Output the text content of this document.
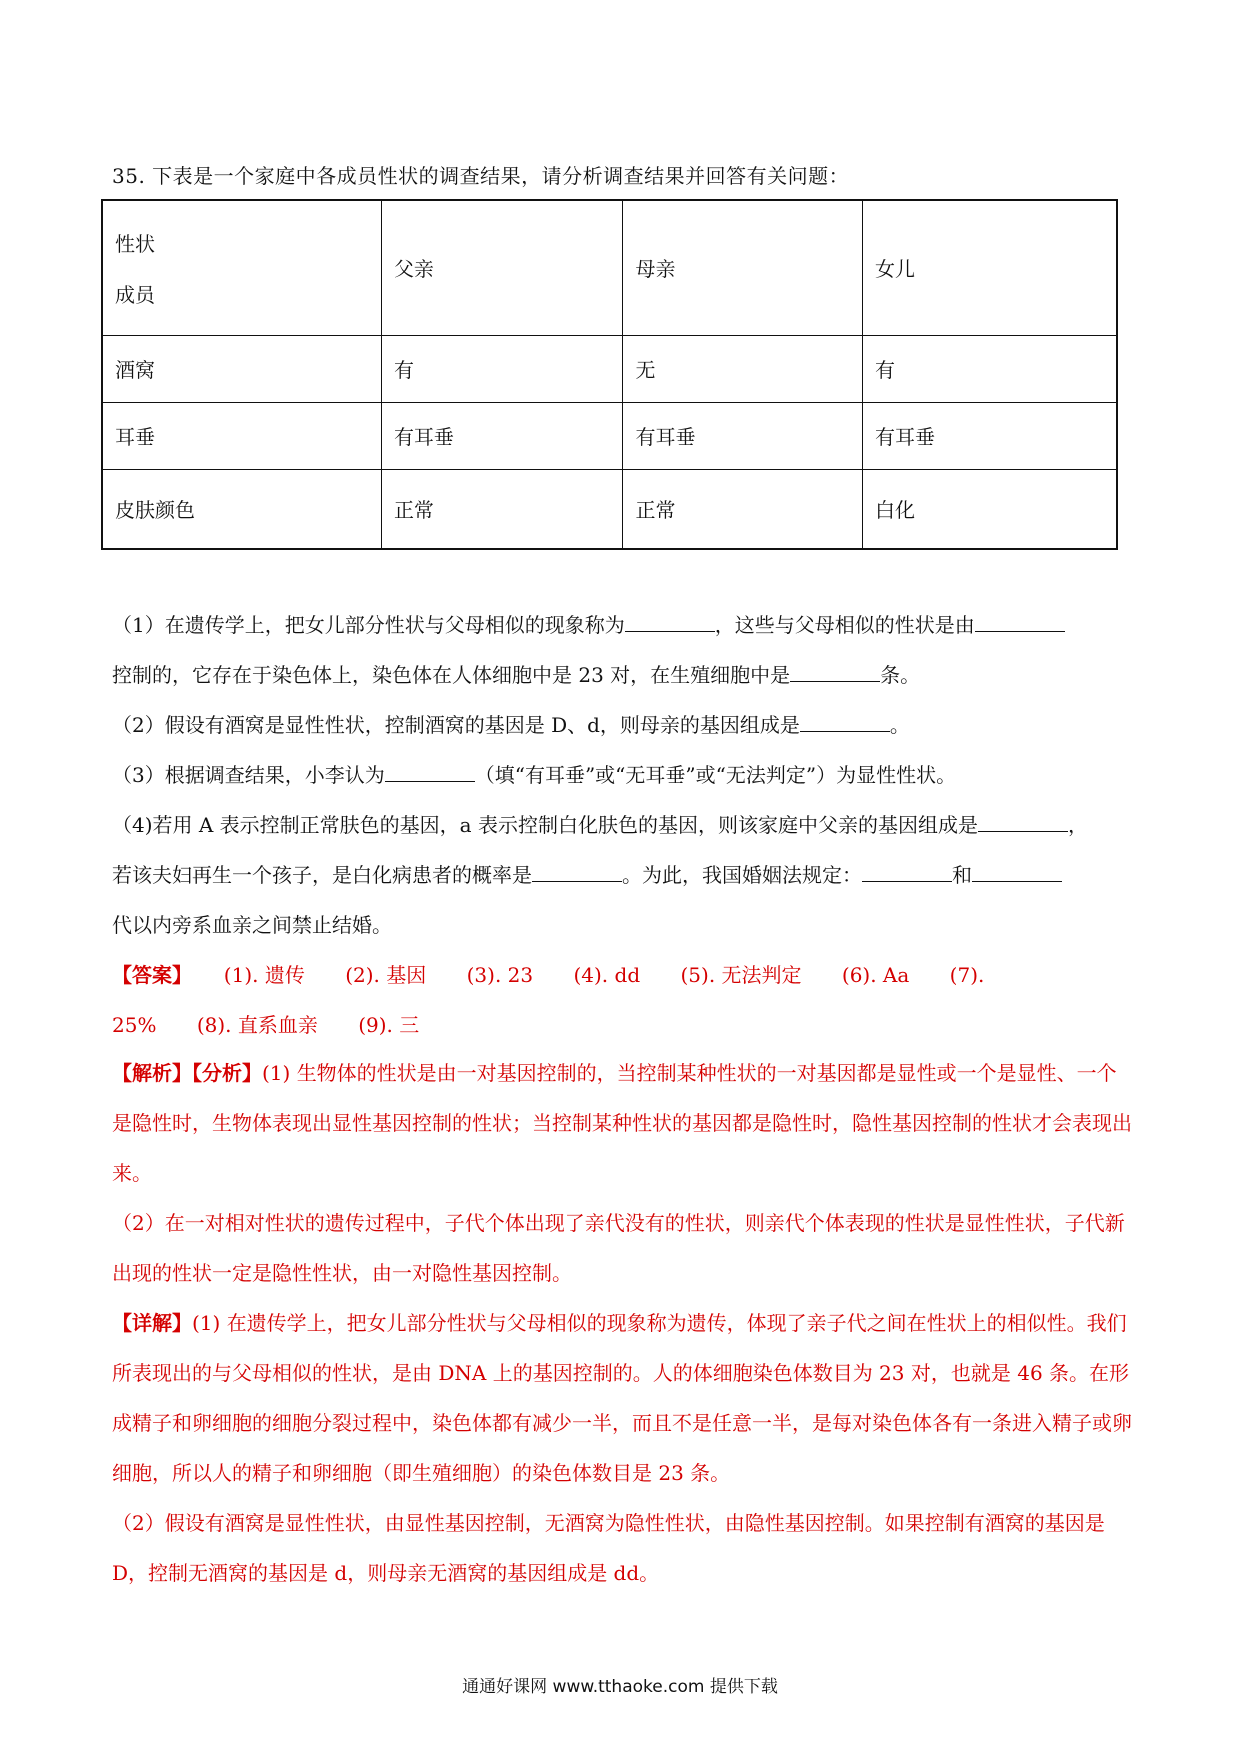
35. 下表是一个家庭中各成员性状的调查结果，请分析调查结果并回答有关问题：
性状
成员	父亲	母亲	女儿
酒窝	有	无	有
耳垂	有耳垂	有耳垂	有耳垂
皮肤颜色	正常	正常	白化
（1）在遗传学上，把女儿部分性状与父母相似的现象称为	，这些与父母相似的性状是由
控制的，它存在于染色体上，染色体在人体细胞中是 23 对，在生殖细胞中是	条。
（2）假设有酒窝是显性性状，控制酒窝的基因是 D、d，则母亲的基因组成是	。
（3）根据调查结果，小李认为	（填“有耳垂”或“无耳垂”或“无法判定”）为显性性状。
（4)若用 A 表示控制正常肤色的基因，a 表示控制白化肤色的基因，则该家庭中父亲的基因组成是	，
若该夫妇再生一个孩子，是白化病患者的概率是	。为此，我国婚姻法规定：	和
代以内旁系血亲之间禁止结婚。
【答案】 (1). 遗传 (2). 基因 (3). 23 (4). dd (5). 无法判定 (6). Aa (7).
25% (8). 直系血亲 (9). 三
【解析】【分析】(1) 生物体的性状是由一对基因控制的，当控制某种性状的一对基因都是显性或一个是显性、一个是隐性时，生物体表现出显性基因控制的性状；当控制某种性状的基因都是隐性时，隐性基因控制的性状才会表现出来。
（2）在一对相对性状的遗传过程中，子代个体出现了亲代没有的性状，则亲代个体表现的性状是显性性状，子代新出现的性状一定是隐性性状，由一对隐性基因控制。
【详解】(1) 在遗传学上，把女儿部分性状与父母相似的现象称为遗传，体现了亲子代之间在性状上的相似性。我们所表现出的与父母相似的性状，是由 DNA 上的基因控制的。人的体细胞染色体数目为 23 对，也就是 46 条。在形成精子和卵细胞的细胞分裂过程中，染色体都有减少一半，而且不是任意一半，是每对染色体各有一条进入精子或卵细胞，所以人的精子和卵细胞（即生殖细胞）的染色体数目是 23 条。
（2）假设有酒窝是显性性状，由显性基因控制，无酒窝为隐性性状，由隐性基因控制。如果控制有酒窝的基因是 D，控制无酒窝的基因是 d，则母亲无酒窝的基因组成是 dd。
通通好课网 www.tthaoke.com 提供下载
